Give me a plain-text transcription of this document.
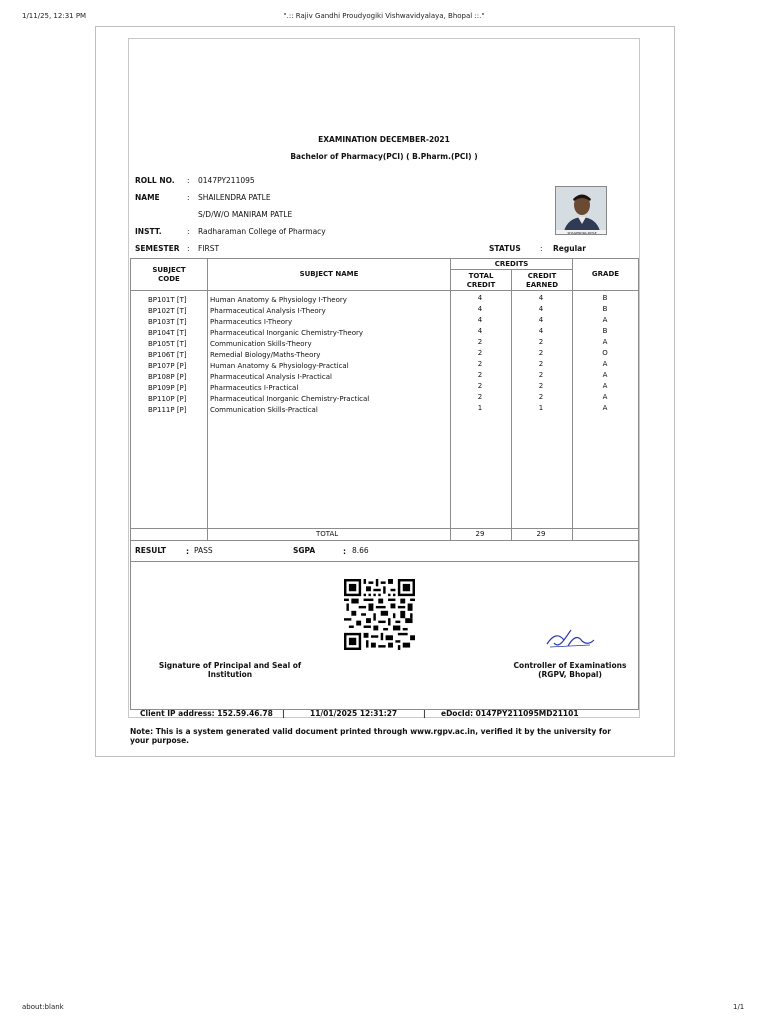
1/11/25, 12:31 PM	".:: Rajiv Gandhi Proudyogiki Vishwavidyalaya, Bhopal ::."
about:blank	1/1
EXAMINATION DECEMBER-2021
Bachelor of Pharmacy(PCI) ( B.Pharm.(PCI) )
ROLL NO. : 0147PY211095
NAME	: SHAILENDRA PATLE
S/D/W/O MANIRAM PATLE
INSTT.	: Radharaman College of Pharmacy
SEMESTER : FIRST	STATUS	: Regular
SHAILENDRA PATLE
SUBJECT CODE
SUBJECT NAME
CREDITS
TOTAL CREDIT
CREDIT EARNED
GRADE
BP101T [T]	Human Anatomy & Physiology I-Theory	4	4	B
BP102T [T]	Pharmaceutical Analysis I-Theory	4	4	B
BP103T [T]	Pharmaceutics I-Theory	4	4	A
BP104T [T]	Pharmaceutical Inorganic Chemistry-Theory	4	4	B
BP105T [T]	Communication Skills-Theory	2	2	A
BP106T [T]	Remedial Biology/Maths-Theory	2	2	O
BP107P [P]	Human Anatomy & Physiology-Practical	2	2	A
BP108P [P]	Pharmaceutical Analysis I-Practical	2	2	A
BP109P [P]	Pharmaceutics I-Practical	2	2	A
BP110P [P]	Pharmaceutical Inorganic Chemistry-Practical	2	2	A
BP111P [P]	Communication Skills-Practical	1	1	A
TOTAL	29	29
RESULT	: PASS	SGPA	: 8.66
Signature of Principal and Seal of Institution
Controller of Examinations
(RGPV, Bhopal)
Client IP address: 152.59.46.78 |	11/01/2025 12:31:27	| eDocId: 0147PY211095MD21101
Note: This is a system generated valid document printed through www.rgpv.ac.in, verified it by the university for your purpose.
